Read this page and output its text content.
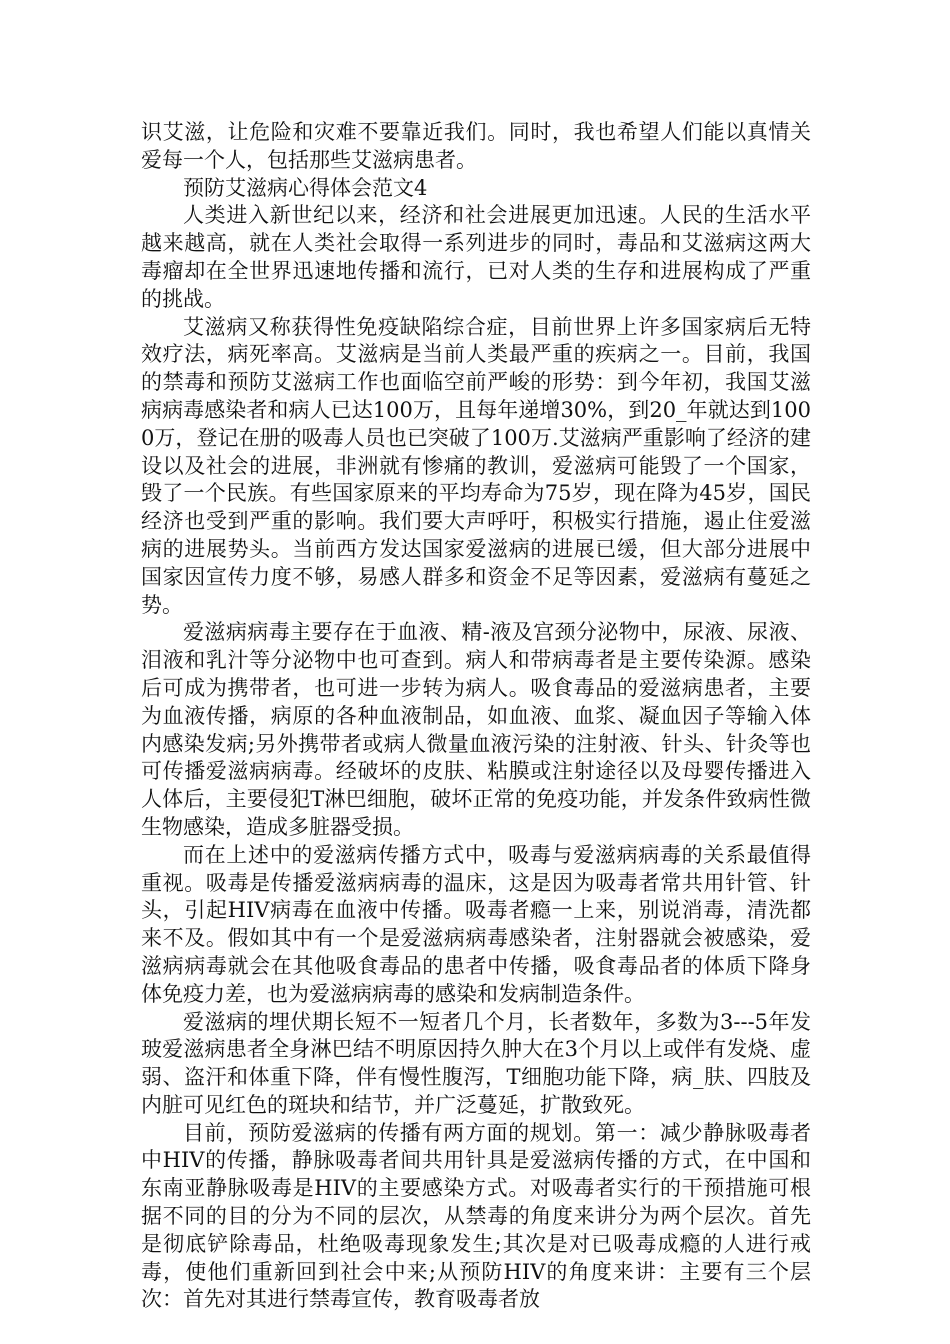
识艾滋，让危险和灾难不要靠近我们。同时，我也希望人们能以真情关爱每一个人，包括那些艾滋病患者。

预防艾滋病心得体会范文4

人类进入新世纪以来，经济和社会进展更加迅速。人民的生活水平越来越高，就在人类社会取得一系列进步的同时，毒品和艾滋病这两大毒瘤却在全世界迅速地传播和流行，已对人类的生存和进展构成了严重的挑战。

艾滋病又称获得性免疫缺陷综合症，目前世界上许多国家病后无特效疗法，病死率高。艾滋病是当前人类最严重的疾病之一。目前，我国的禁毒和预防艾滋病工作也面临空前严峻的形势：到今年初，我国艾滋病病毒感染者和病人已达100万，且每年递增30%，到20_年就达到1000万，登记在册的吸毒人员也已突破了100万.艾滋病严重影响了经济的建设以及社会的进展，非洲就有惨痛的教训，爱滋病可能毁了一个国家，毁了一个民族。有些国家原来的平均寿命为75岁，现在降为45岁，国民经济也受到严重的影响。我们要大声呼吁，积极实行措施，遏止住爱滋病的进展势头。当前西方发达国家爱滋病的进展已缓，但大部分进展中国家因宣传力度不够，易感人群多和资金不足等因素，爱滋病有蔓延之势。

爱滋病病毒主要存在于血液、精-液及宫颈分泌物中，尿液、尿液、泪液和乳汁等分泌物中也可查到。病人和带病毒者是主要传染源。感染后可成为携带者，也可进一步转为病人。吸食毒品的爱滋病患者，主要为血液传播，病原的各种血液制品，如血液、血浆、凝血因子等输入体内感染发病;另外携带者或病人微量血液污染的注射液、针头、针灸等也可传播爱滋病病毒。经破坏的皮肤、粘膜或注射途径以及母婴传播进入人体后，主要侵犯T淋巴细胞，破坏正常的免疫功能，并发条件致病性微生物感染，造成多脏器受损。

而在上述中的爱滋病传播方式中，吸毒与爱滋病病毒的关系最值得重视。吸毒是传播爱滋病病毒的温床，这是因为吸毒者常共用针管、针头，引起HIV病毒在血液中传播。吸毒者瘾一上来，别说消毒，清洗都来不及。假如其中有一个是爱滋病病毒感染者，注射器就会被感染，爱滋病病毒就会在其他吸食毒品的患者中传播，吸食毒品者的体质下降身体免疫力差，也为爱滋病病毒的感染和发病制造条件。

爱滋病的埋伏期长短不一短者几个月，长者数年，多数为3---5年发玻爱滋病患者全身淋巴结不明原因持久肿大在3个月以上或伴有发烧、虚弱、盗汗和体重下降，伴有慢性腹泻，T细胞功能下降，病_肤、四肢及内脏可见红色的斑块和结节，并广泛蔓延，扩散致死。

目前，预防爱滋病的传播有两方面的规划。第一：减少静脉吸毒者中HIV的传播，静脉吸毒者间共用针具是爱滋病传播的方式，在中国和东南亚静脉吸毒是HIV的主要感染方式。对吸毒者实行的干预措施可根据不同的目的分为不同的层次，从禁毒的角度来讲分为两个层次。首先是彻底铲除毒品，杜绝吸毒现象发生;其次是对已吸毒成瘾的人进行戒毒，使他们重新回到社会中来;从预防HIV的角度来讲：主要有三个层次：首先对其进行禁毒宣传，教育吸毒者放
